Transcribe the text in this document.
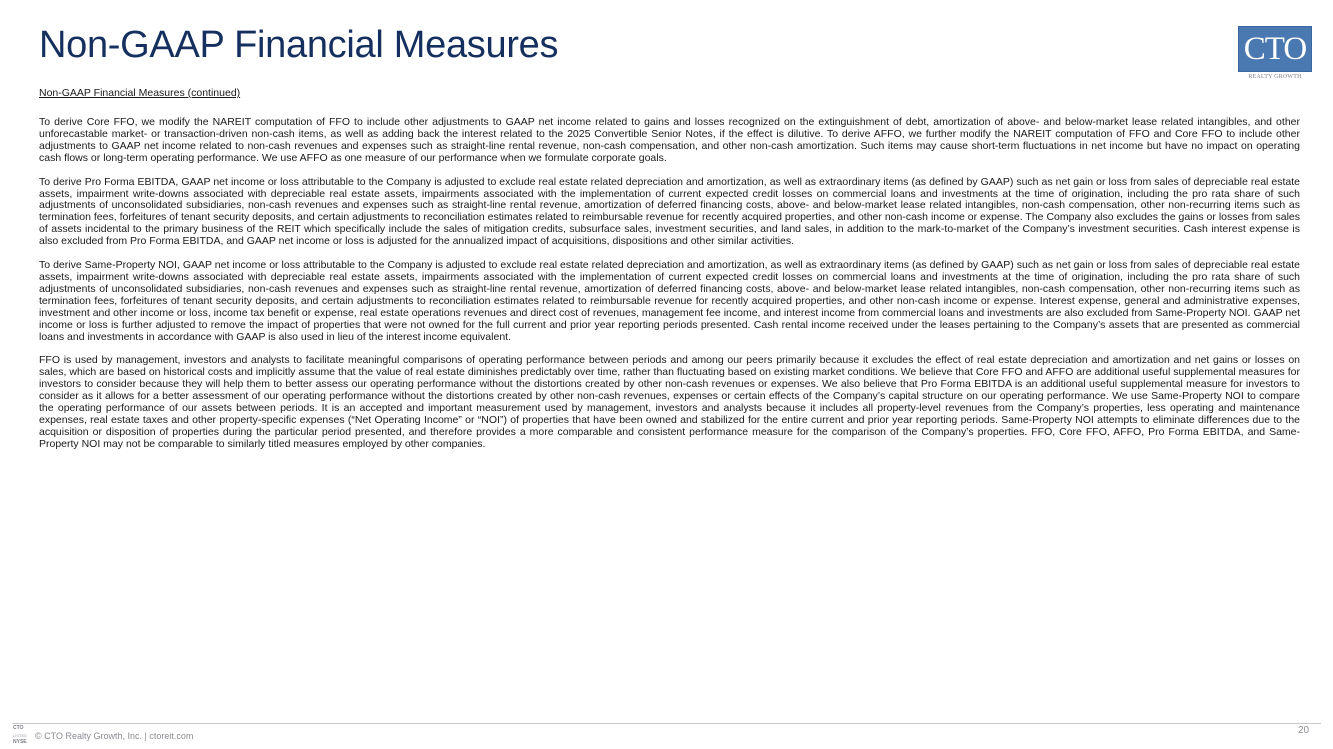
Non-GAAP Financial Measures	CTO
REALTY GROWTH
Non-GAAP Financial Measures (continued)

To derive Core FFO, we modify the NAREIT computation of FFO to include other adjustments to GAAP net income related to gains and losses recognized on the extinguishment of debt, amortization of above- and below-market lease related intangibles, and other unforecastable market- or transaction-driven non-cash items, as well as adding back the interest related to the 2025 Convertible Senior Notes, if the effect is dilutive. To derive AFFO, we further modify the NAREIT computation of FFO and Core FFO to include other adjustments to GAAP net income related to non-cash revenues and expenses such as straight-line rental revenue, non-cash compensation, and other non-cash amortization. Such items may cause short-term fluctuations in net income but have no impact on operating cash flows or long-term operating performance. We use AFFO as one measure of our performance when we formulate corporate goals.

To derive Pro Forma EBITDA, GAAP net income or loss attributable to the Company is adjusted to exclude real estate related depreciation and amortization, as well as extraordinary items (as defined by GAAP) such as net gain or loss from sales of depreciable real estate assets, impairment write-downs associated with depreciable real estate assets, impairments associated with the implementation of current expected credit losses on commercial loans and investments at the time of origination, including the pro rata share of such adjustments of unconsolidated subsidiaries, non-cash revenues and expenses such as straight-line rental revenue, amortization of deferred financing costs, above- and below-market lease related intangibles, non-cash compensation, other non-recurring items such as termination fees, forfeitures of tenant security deposits, and certain adjustments to reconciliation estimates related to reimbursable revenue for recently acquired properties, and other non-cash income or expense. The Company also excludes the gains or losses from sales of assets incidental to the primary business of the REIT which specifically include the sales of mitigation credits, subsurface sales, investment securities, and land sales, in addition to the mark-to-market of the Company’s investment securities. Cash interest expense is also excluded from Pro Forma EBITDA, and GAAP net income or loss is adjusted for the annualized impact of acquisitions, dispositions and other similar activities.

To derive Same-Property NOI, GAAP net income or loss attributable to the Company is adjusted to exclude real estate related depreciation and amortization, as well as extraordinary items (as defined by GAAP) such as net gain or loss from sales of depreciable real estate assets, impairment write-downs associated with depreciable real estate assets, impairments associated with the implementation of current expected credit losses on commercial loans and investments at the time of origination, including the pro rata share of such adjustments of unconsolidated subsidiaries, non-cash revenues and expenses such as straight-line rental revenue, amortization of deferred financing costs, above- and below-market lease related intangibles, non-cash compensation, other non-recurring items such as termination fees, forfeitures of tenant security deposits, and certain adjustments to reconciliation estimates related to reimbursable revenue for recently acquired properties, and other non-cash income or expense. Interest expense, general and administrative expenses, investment and other income or loss, income tax benefit or expense, real estate operations revenues and direct cost of revenues, management fee income, and interest income from commercial loans and investments are also excluded from Same-Property NOI. GAAP net income or loss is further adjusted to remove the impact of properties that were not owned for the full current and prior year reporting periods presented. Cash rental income received under the leases pertaining to the Company’s assets that are presented as commercial loans and investments in accordance with GAAP is also used in lieu of the interest income equivalent.

FFO is used by management, investors and analysts to facilitate meaningful comparisons of operating performance between periods and among our peers primarily because it excludes the effect of real estate depreciation and amortization and net gains or losses on sales, which are based on historical costs and implicitly assume that the value of real estate diminishes predictably over time, rather than fluctuating based on existing market conditions. We believe that Core FFO and AFFO are additional useful supplemental measures for investors to consider because they will help them to better assess our operating performance without the distortions created by other non-cash revenues or expenses. We also believe that Pro Forma EBITDA is an additional useful supplemental measure for investors to consider as it allows for a better assessment of our operating performance without the distortions created by other non-cash revenues, expenses or certain effects of the Company’s capital structure on our operating performance. We use Same-Property NOI to compare the operating performance of our assets between periods. It is an accepted and important measurement used by management, investors and analysts because it includes all property-level revenues from the Company’s properties, less operating and maintenance expenses, real estate taxes and other property-specific expenses (“Net Operating Income” or “NOI”) of properties that have been owned and stabilized for the entire current and prior year reporting periods. Same-Property NOI attempts to eliminate differences due to the acquisition or disposition of properties during the particular period presented, and therefore provides a more comparable and consistent performance measure for the comparison of the Company’s properties. FFO, Core FFO, AFFO, Pro Forma EBITDA, and Same-Property NOI may not be comparable to similarly titled measures employed by other companies.

CTO
LISTED
NYSE
© CTO Realty Growth, Inc. | ctoreit.com	20
